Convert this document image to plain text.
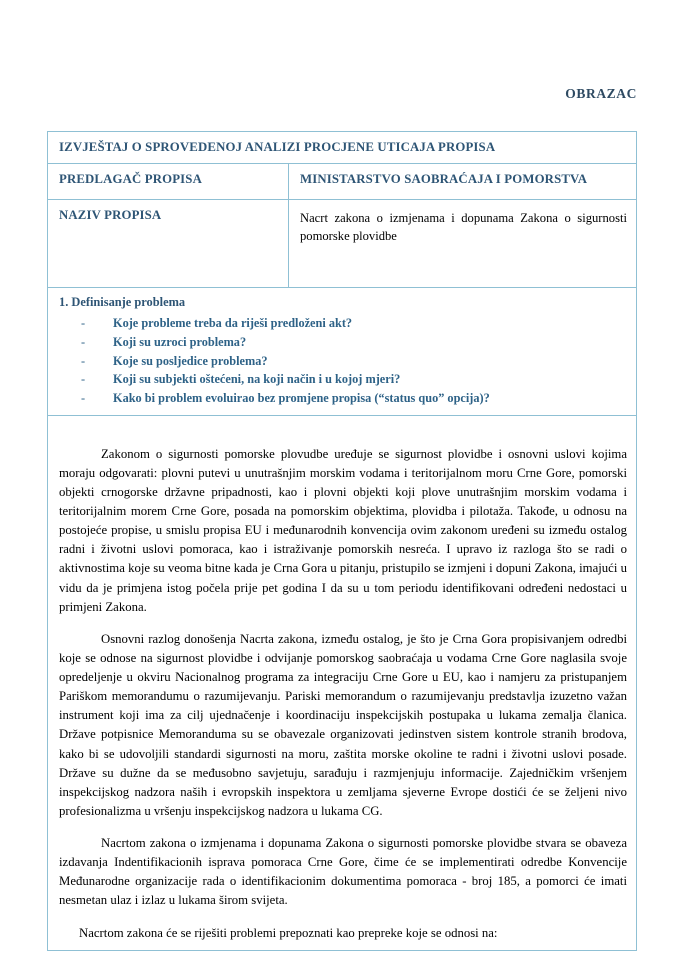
OBRAZAC
IZVJEŠTAJ O SPROVEDENOJ ANALIZI PROCJENE UTICAJA PROPISA	

PREDLAGAČ PROPISA	MINISTARSTVO SAOBRAĆAJA I POMORSTVA

NAZIV PROPISA	Nacrt zakona o izmjenama i dopunama Zakona o sigurnosti pomorske plovidbe

1. Definisanje problema
- Koje probleme treba da riješi predloženi akt?
- Koji su uzroci problema?
- Koje su posljedice problema?
- Koji su subjekti oštećeni, na koji način i u kojoj mjeri?
- Kako bi problem evoluirao bez promjene propisa (“status quo” opcija)?

Zakonom o sigurnosti pomorske plovudbe uređuje se sigurnost plovidbe i osnovni uslovi kojima moraju odgovarati: plovni putevi u unutrašnjim morskim vodama i teritorijalnom moru Crne Gore, pomorski objekti crnogorske državne pripadnosti, kao i plovni objekti koji plove unutrašnjim morskim vodama i teritorijalnim morem Crne Gore, posada na pomorskim objektima, plovidba i pilotaža. Takođe, u odnosu na postojeće propise, u smislu propisa EU i međunarodnih konvencija ovim zakonom uređeni su između ostalog radni i životni uslovi pomoraca, kao i istraživanje pomorskih nesreća. I upravo iz razloga što se radi o aktivnostima koje su veoma bitne kada je Crna Gora u pitanju, pristupilo se izmjeni i dopuni Zakona, imajući u vidu da je primjena istog počela prije pet godina I da su u tom periodu identifikovani određeni nedostaci u primjeni Zakona.

Osnovni razlog donošenja Nacrta zakona, između ostalog, je što je Crna Gora propisivanjem odredbi koje se odnose na sigurnost plovidbe i odvijanje pomorskog saobraćaja u vodama Crne Gore naglasila svoje opredeljenje u okviru Nacionalnog programa za integraciju Crne Gore u EU, kao i namjeru za pristupanjem Pariškom memorandumu o razumijevanju. Pariski memorandum o razumijevanju predstavlja izuzetno važan instrument koji ima za cilj ujednačenje i koordinaciju inspekcijskih postupaka u lukama zemalja članica. Države potpisnice Memoranduma su se obavezale organizovati jedinstven sistem kontrole stranih brodova, kako bi se udovoljili standardi sigurnosti na moru, zaštita morske okoline te radni i životni uslovi posade. Države su dužne da se međusobno savjetuju, sarađuju i razmjenjuju informacije. Zajedničkim vršenjem inspekcijskog nadzora naših i evropskih inspektora u zemljama sjeverne Evrope dostići će se željeni nivo profesionalizma u vršenju inspekcijskog nadzora u lukama CG.

Nacrtom zakona o izmjenama i dopunama Zakona o sigurnosti pomorske plovidbe stvara se obaveza izdavanja Indentifikacionih isprava pomoraca Crne Gore, čime će se implementirati odredbe Konvencije Međunarodne organizacije rada o identifikacionim dokumentima pomoraca - broj 185, a pomorci će imati nesmetan ulaz i izlaz u lukama širom svijeta.

Nacrtom zakona će se riješiti problemi prepoznati kao prepreke koje se odnosi na:	
